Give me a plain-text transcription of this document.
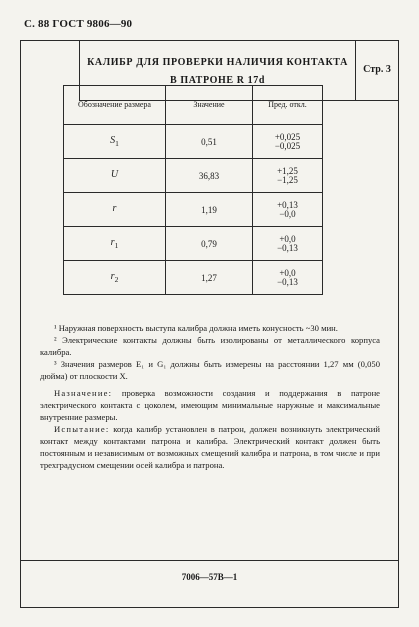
С. 88 ГОСТ 9806—90
КАЛИБР ДЛЯ ПРОВЕРКИ НАЛИЧИЯ КОНТАКТА
В ПАТРОНЕ R 17d
Стр. 3
Обозначение размера	Значение	Пред. откл.
$S_1$	0,51	+0,025
−0,025
U	36,83	+1,25
−1,25
r	1,19	+0,13
−0,0
$r_1$	0,79	+0,0
−0,13
$r_2$	1,27	+0,0
−0,13

¹ Наружная поверхность выступа калибра должна иметь конусность ~30 мин.

² Электрические контакты должны быть изолированы от металлического корпуса калибра.

³ Значения размеров E₁ и G₁ должны быть измерены на расстоянии 1,27 мм (0,050 дюйма) от плоскости X.

Назначение: проверка возможности создания и поддержания в патроне электрического контакта с цоколем, имеющим минимальные наружные и максимальные внутренние размеры.

Испытание: когда калибр установлен в патрон, должен возникнуть электрический контакт между контактами патрона и калибра. Электрический контакт должен быть постоянным и независимым от возможных смещений калибра и патрона, в том числе и при трехградусном смещении осей калибра и патрона.

7006—57В—1
